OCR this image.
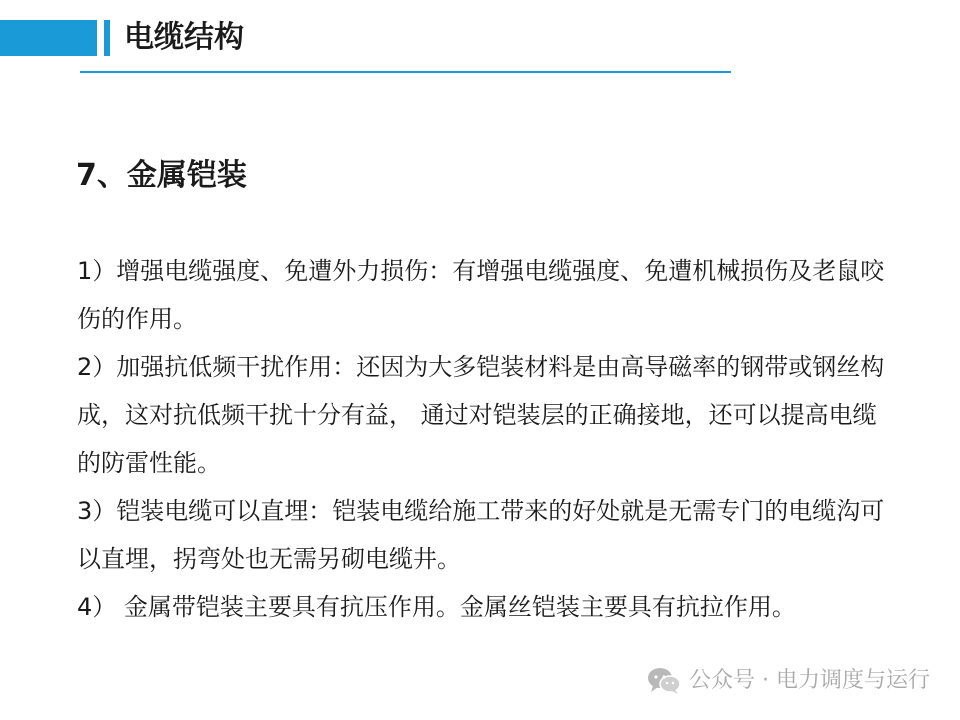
电缆结构
7、金属铠装

1）增强电缆强度、免遭外力损伤：有增强电缆强度、免遭机械损伤及老鼠咬伤的作用。

2）加强抗低频干扰作用：还因为大多铠装材料是由高导磁率的钢带或钢丝构成，这对抗低频干扰十分有益， 通过对铠装层的正确接地，还可以提高电缆的防雷性能。

3）铠装电缆可以直埋：铠装电缆给施工带来的好处就是无需专门的电缆沟可以直埋，拐弯处也无需另砌电缆井。

4） 金属带铠装主要具有抗压作用。金属丝铠装主要具有抗拉作用。

公众号 · 电力调度与运行
